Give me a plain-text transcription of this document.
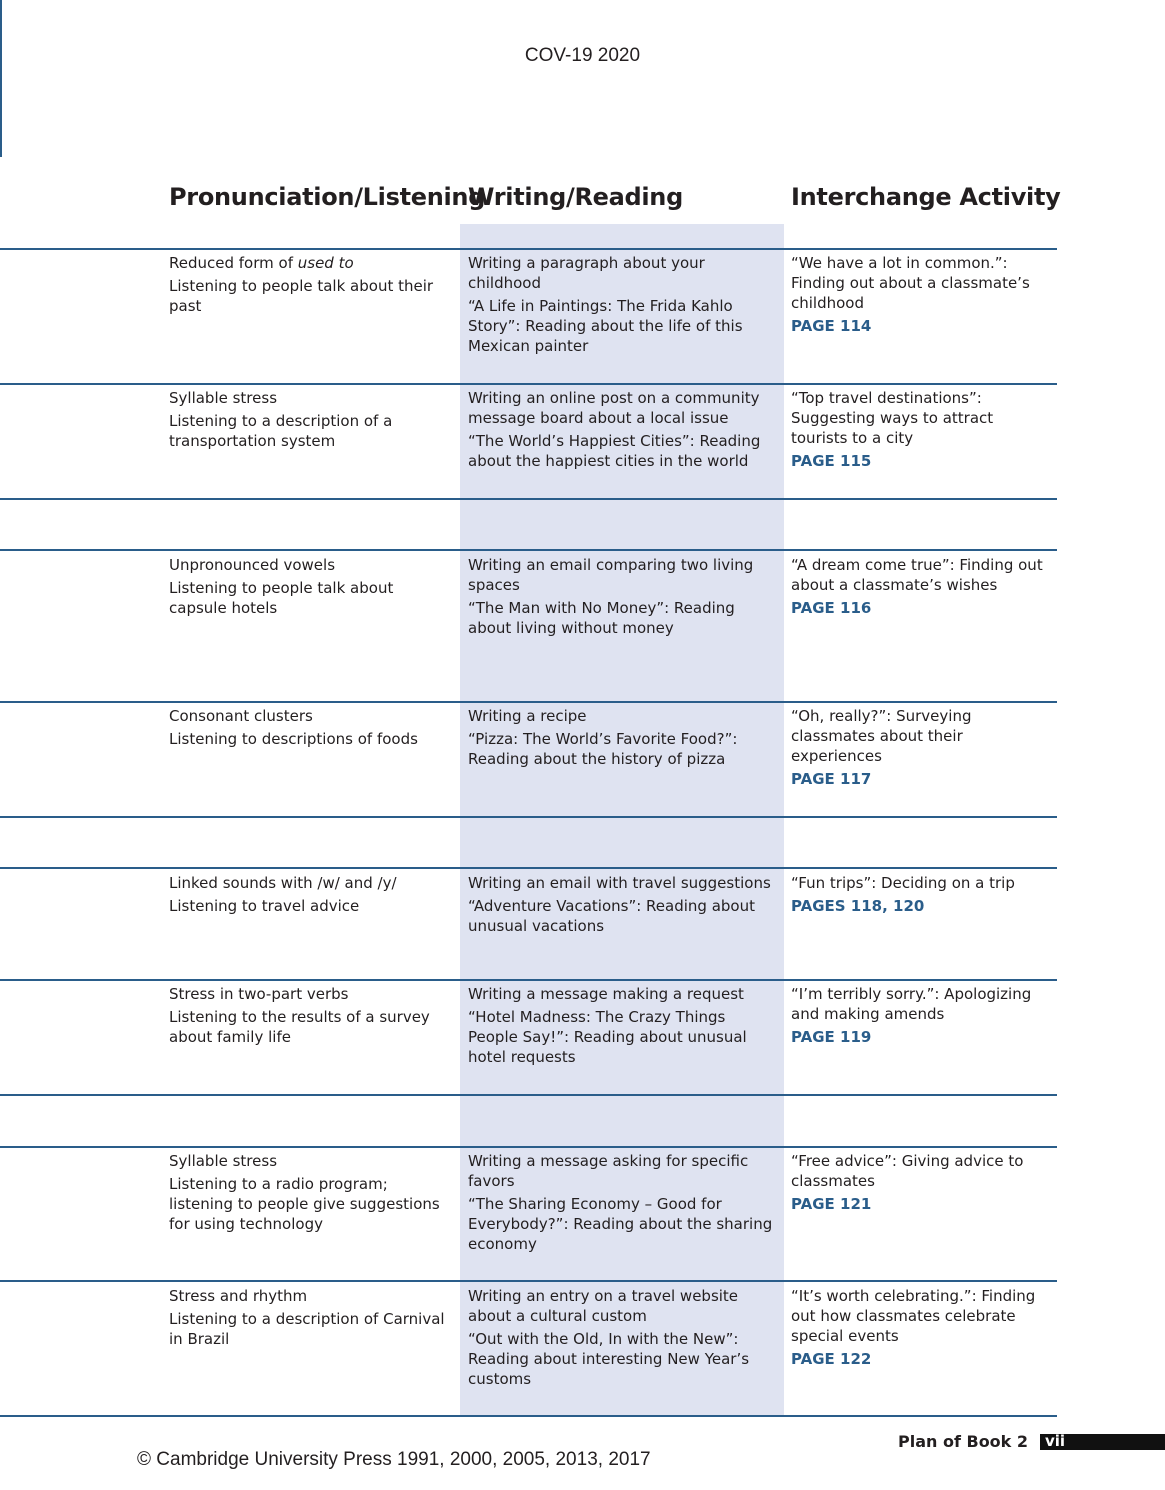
COV-19 2020
Pronunciation/Listening
Writing/Reading	Interchange Activity

Reduced form of used to

Listening to people talk about their past

Writing a paragraph about your childhood

“A Life in Paintings: The Frida Kahlo Story”: Reading about the life of this Mexican painter

“We have a lot in common.”: Finding out about a classmate’s childhood

PAGE 114

Syllable stress

Listening to a description of a transportation system

Writing an online post on a community message board about a local issue

“The World’s Happiest Cities”: Reading about the happiest cities in the world

“Top travel destinations”: Suggesting ways to attract tourists to a city

PAGE 115

Unpronounced vowels

Listening to people talk about capsule hotels

Writing an email comparing two living spaces

“The Man with No Money”: Reading about living without money

“A dream come true”: Finding out about a classmate’s wishes

PAGE 116

Consonant clusters

Listening to descriptions of foods

Writing a recipe

“Pizza: The World’s Favorite Food?”: Reading about the history of pizza

“Oh, really?”: Surveying classmates about their experiences

PAGE 117

Linked sounds with /w/ and /y/

Listening to travel advice

Writing an email with travel suggestions

“Adventure Vacations”: Reading about unusual vacations

“Fun trips”: Deciding on a trip

PAGES 118, 120

Stress in two-part verbs

Listening to the results of a survey about family life

Writing a message making a request

“Hotel Madness: The Crazy Things People Say!”: Reading about unusual hotel requests

“I’m terribly sorry.”: Apologizing and making amends

PAGE 119

Syllable stress

Listening to a radio program; listening to people give suggestions for using technology

Writing a message asking for specific favors

“The Sharing Economy – Good for Everybody?”: Reading about the sharing economy

“Free advice”: Giving advice to classmates

PAGE 121

Stress and rhythm

Listening to a description of Carnival in Brazil

Writing an entry on a travel website about a cultural custom

“Out with the Old, In with the New”: Reading about interesting New Year’s customs

“It’s worth celebrating.”: Finding out how classmates celebrate special events

PAGE 122

Plan of Book 2 vii
© Cambridge University Press 1991, 2000, 2005, 2013, 2017
